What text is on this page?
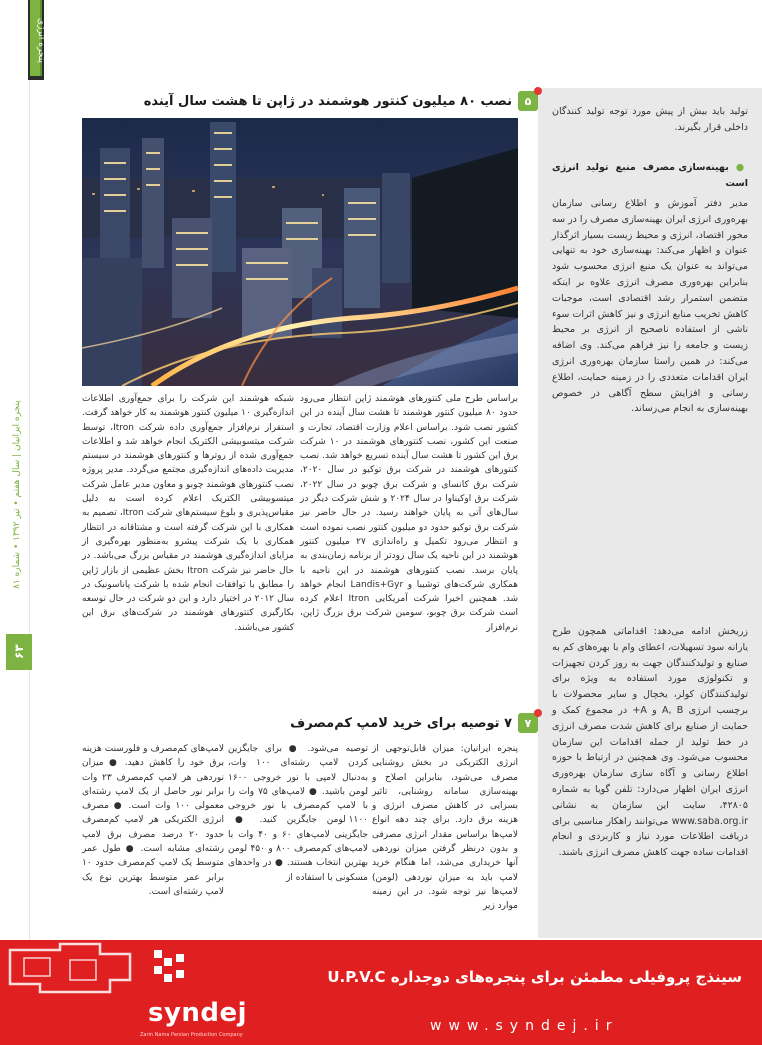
پنجره انرژی
پنجره ایرانیان | سال هفتم • تیر ۱۳۹۲ • شماره ۸۱
۶۳
تولید باید بیش از پیش مورد توجه تولید کنندگان داخلی قرار بگیرند.
● بهینه‌سازی مصرف منبع تولید انرژی است
مدیر دفتر آموزش و اطلاع رسانی سازمان بهره‌وری انرژی ایران بهینه‌سازی مصرف را در سه محور اقتصاد، انرژی و محیط زیست بسیار اثرگذار عنوان و اظهار می‌کند: بهینه‌سازی خود به تنهایی می‌تواند به عنوان یک منبع انرژی محسوب شود بنابراین بهره‌وری مصرف انرژی علاوه بر اینکه متضمن استمرار رشد اقتصادی است، موجبات کاهش تخریب منابع انرژی و نیز کاهش اثرات سوء ناشی از استفاده ناصحیح از انرژی بر محیط زیست و جامعه را نیز فراهم می‌کند. وی اضافه می‌کند: در همین راستا سازمان بهره‌وری انرژی ایران اقدامات متعددی را در زمینه حمایت، اطلاع رسانی و افزایش سطح آگاهی در خصوص بهینه‌سازی به انجام می‌رساند.
زریخش ادامه می‌دهد: اقداماتی همچون طرح یارانه سود تسهیلات، اعطای وام با بهره‌های کم به صنایع و تولیدکنندگان جهت به روز کردن تجهیزات و تکنولوژی مورد استفاده به ویژه برای تولیدکنندگان کولر، یخچال و سایر محصولات با برچسب انرژی A, B و A+ در مجموع کمک و حمایت از صنایع برای کاهش شدت مصرف انرژی در خط تولید از جمله اقدامات این سازمان محسوب می‌شود. وی همچنین در ارتباط با حوزه اطلاع رسانی و آگاه سازی سازمان بهره‌وری انرژی ایران اظهار می‌دارد: تلفن گویا به شماره ۴۲۸۰۵، سایت این سازمان به نشانی www.saba.org.ir می‌توانند راهکار مناسبی برای دریافت اطلاعات مورد نیاز و کاربردی و انجام اقدامات ساده جهت کاهش مصرف انرژی باشند.
۵
نصب ۸۰ میلیون کنتور هوشمند در ژاپن تا هشت سال آینده
براساس طرح ملی کنتورهای هوشمند ژاپن انتظار می‌رود حدود ۸۰ میلیون کنتور هوشمند تا هشت سال آینده در این کشور نصب شود. براساس اعلام وزارت اقتصاد، تجارت و صنعت این کشور، نصب کنتورهای هوشمند در ۱۰ شرکت برق این کشور تا هشت سال آینده تسریع خواهد شد. نصب کنتورهای هوشمند در شرکت برق توکیو در سال ۲۰۲۰، شرکت برق کانسای و شرکت برق چوبو در سال ۲۰۲۲، شرکت برق اوکیناوا در سال ۲۰۲۴ و شش شرکت دیگر در سال‌های آتی به پایان خواهند رسید. در حال حاضر نیز شرکت برق توکیو حدود دو میلیون کنتور نصب نموده است و انتظار می‌رود تکمیل و راه‌اندازی ۲۷ میلیون کنتور هوشمند در این ناحیه یک سال زودتر از برنامه زمان‌بندی به پایان برسد. نصب کنتورهای هوشمند در این ناحیه با همکاری شرکت‌های توشیبا و Landis+Gyr انجام خواهد شد. همچنین اخیرا شرکت آمریکایی Itron اعلام کرده است شرکت برق چوبو، سومین شرکت برق بزرگ ژاپن، نرم‌افزار
شبکه هوشمند این شرکت را برای جمع‌آوری اطلاعات اندازه‌گیری ۱۰ میلیون کنتور هوشمند به کار خواهد گرفت. استقرار نرم‌افزار جمع‌آوری داده شرکت Itron، توسط شرکت میتسوبیشی الکتریک انجام خواهد شد و اطلاعات جمع‌آوری شده از روترها و کنتورهای هوشمند در سیستم مدیریت داده‌های اندازه‌گیری مجتمع می‌گردد. مدیر پروژه نصب کنتورهای هوشمند چوبو و معاون مدیر عامل شرکت میتسوبیشی الکتریک اعلام کرده است به دلیل مقیاس‌پذیری و بلوغ سیستم‌های شرکت Itron، تصمیم به همکاری با این شرکت گرفته است و مشتاقانه در انتظار همکاری با یک شرکت پیشرو به‌منظور بهره‌گیری از مزایای اندازه‌گیری هوشمند در مقیاس بزرگ می‌باشد. در حال حاضر نیز شرکت Itron بخش عظیمی از بازار ژاپن را مطابق با توافقات انجام شده با شرکت پاناسونیک در سال ۲۰۱۲ در اختیار دارد و این دو شرکت در حال توسعه بکارگیری کنتورهای هوشمند در شرکت‌های برق این کشور می‌باشند.
۷
۷ توصیه برای خرید لامپ کم‌مصرف
پنجره ایرانیان: میزان قابل‌توجهی از انرژی الکتریکی در بخش روشنایی مصرف می‌شود، بنابراین اصلاح و بهینه‌سازی سامانه روشنایی، تاثیر بسزایی در کاهش مصرف انرژی و هزینه برق دارد. برای چند دهه انواع لامپ‌ها براساس مقدار انرژی مصرفی و بدون درنظر گرفتن میزان نوردهی آنها خریداری می‌شد، اما هنگام خرید لامپ باید به میزان نوردهی (لومن) لامپ‌ها نیز توجه شود. در این زمینه موارد زیر
توصیه می‌شود. ● برای جایگزین کردن لامپ رشته‌ای ۱۰۰ وات، به‌دنبال لامپی با نور خروجی ۱۶۰۰ لومن باشید. ● لامپ‌های ۷۵ وات را با لامپ کم‌مصرف با نور خروجی ۱۱۰۰ لومن جایگزین کنید. ● جایگزینی لامپ‌های ۶۰ و ۴۰ وات با لامپ‌های کم‌مصرف ۸۰۰ و ۴۵۰ لومن بهترین انتخاب هستند. ● در واحدهای مسکونی با استفاده از
لامپ‌های کم‌مصرف و فلورسنت هزینه برق خود را کاهش دهید. ● میزان نوردهی هر لامپ کم‌مصرف ۲۳ وات برابر نور حاصل از یک لامپ رشته‌ای معمولی ۱۰۰ وات است. ● مصرف انرژی الکتریکی هر لامپ کم‌مصرف حدود ۲۰ درصد مصرف برق لامپ رشته‌ای مشابه است. ● طول عمر متوسط یک لامپ کم‌مصرف حدود ۱۰ برابر عمر متوسط بهترین نوع یک لامپ رشته‌ای است.
syndej
Zarin Nama Parsian Production Company
سینذج پروفیلی مطمئن برای پنجره‌های دوجداره U.P.V.C
www.syndej.ir
